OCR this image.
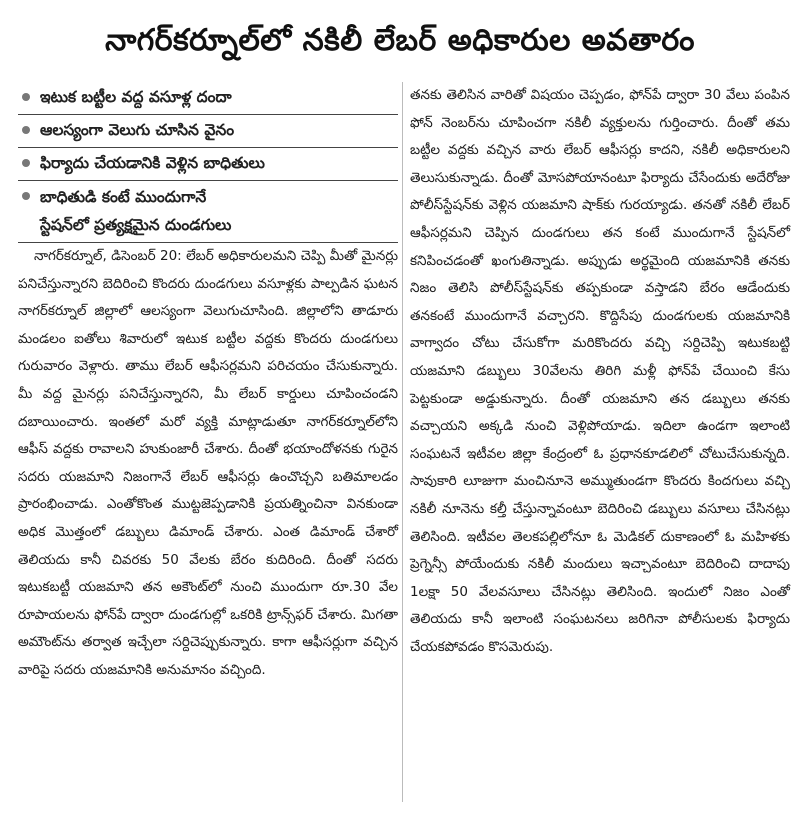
నాగర్‌కర్నూల్‌లో నకిలీ లేబర్ అధికారుల అవతారం
ఇటుక బట్టీల వద్ద వసూళ్ల దందా
ఆలస్యంగా వెలుగు చూసిన వైనం
ఫిర్యాదు చేయడానికి వెళ్లిన బాధితులు
బాధితుడి కంటే ముందుగానే
స్టేషన్‌లో ప్రత్యక్షమైన దుండగులు

నాగర్‌కర్నూల్, డిసెంబర్ 20: లేబర్ అధికారులమని చెప్పి మీతో మైనర్లు పనిచేస్తున్నారని బెదిరించి కొందరు దుండగులు వసూళ్లకు పాల్పడిన ఘటన నాగర్‌కర్నూల్ జిల్లాలో ఆలస్యంగా వెలుగుచూసింది. జిల్లాలోని తాడూరు మండలం ఐతోలు శివారులో ఇటుక బట్టీల వద్దకు కొందరు దుండగులు గురువారం వెళ్లారు. తాము లేబర్ ఆఫీసర్లమని పరిచయం చేసుకున్నారు. మీ వద్ద మైనర్లు పనిచేస్తున్నారని, మీ లేబర్ కార్డులు చూపించండని దబాయించారు. ఇంతలో మరో వ్యక్తి మాట్లాడుతూ నాగర్‌కర్నూల్‌లోని ఆఫీస్ వద్దకు రావాలని హుకుంజారీ చేశారు. దీంతో భయాందోళనకు గురైన సదరు యజమాని నిజంగానే లేబర్ ఆఫీసర్లు ఉంచొచ్చని బతిమాలడం ప్రారంభించాడు. ఎంతోకొంత ముట్టజెప్పడానికి ప్రయత్నించినా వినకుండా అధిక మొత్తంలో డబ్బులు డిమాండ్ చేశారు. ఎంత డిమాండ్ చేశారో తెలియదు కానీ చివరకు 50 వేలకు బేరం కుదిరింది. దీంతో సదరు ఇటుకబట్టీ యజమాని తన అకౌంట్‌లో నుంచి ముందుగా రూ.30 వేల రూపాయలను ఫోన్‌పే ద్వారా దుండగుల్లో ఒకరికి ట్రాన్స్‌ఫర్ చేశారు. మిగతా అమౌంట్‌ను తర్వాత ఇచ్చేలా సర్దిచెప్పుకున్నారు. కాగా ఆఫీసర్లుగా వచ్చిన వారిపై సదరు యజమానికి అనుమానం వచ్చింది.

తనకు తెలిసిన వారితో విషయం చెప్పడం, ఫోన్‌పే ద్వారా 30 వేలు పంపిన ఫోన్ నెంబర్‌ను చూపించగా నకిలీ వ్యక్తులను గుర్తించారు. దీంతో తమ బట్టీల వద్దకు వచ్చిన వారు లేబర్ ఆఫీసర్లు కాదని, నకిలీ అధికారులని తెలుసుకున్నాడు. దీంతో మోసపోయానంటూ ఫిర్యాదు చేసేందుకు అదేరోజు పోలీస్‌స్టేషన్‌కు వెళ్లిన యజమాని షాక్‌కు గురయ్యాడు. తనతో నకిలీ లేబర్ ఆఫీసర్లమని చెప్పిన దుండగులు తన కంటే ముందుగానే స్టేషన్‌లో కనిపించడంతో ఖంగుతిన్నాడు. అప్పుడు అర్థమైంది యజమానికి తనకు నిజం తెలిసి పోలీస్‌స్టేషన్‌కు తప్పకుండా వస్తాడని బేరం ఆడేందుకు తనకంటే ముందుగానే వచ్చారని. కొద్దిసేపు దుండగులకు యజమానికి వాగ్వాదం చోటు చేసుకోగా మరికొందరు వచ్చి సర్దిచెప్పి ఇటుకబట్టి యజమాని డబ్బులు 30వేలను తిరిగి మళ్లీ ఫోన్‌పే చేయించి కేసు పెట్టకుండా అడ్డుకున్నారు. దీంతో యజమాని తన డబ్బులు తనకు వచ్చాయని అక్కడి నుంచి వెళ్లిపోయాడు. ఇదిలా ఉండగా ఇలాంటి సంఘటనే ఇటీవల జిల్లా కేంద్రంలో ఓ ప్రధానకూడలిలో చోటుచేసుకున్నది. సావుకారి లూజుగా మంచినూనె అమ్ముతుండగా కొందరు కిందగులు వచ్చి నకిలీ నూనెను కల్తీ చేస్తున్నావంటూ బెదిరించి డబ్బులు వసూలు చేసినట్లు తెలిసింది. ఇటీవల తెలకపల్లిలోనూ ఓ మెడికల్ దుకాణంలో ఓ మహిళకు ప్రెగ్నెన్సీ పోయేందుకు నకిలీ మందులు ఇచ్చావంటూ బెదిరించి దాదాపు 1లక్షా 50 వేలవసూలు చేసినట్లు తెలిసింది. ఇందులో నిజం ఎంతో తెలియదు కానీ ఇలాంటి సంఘటనలు జరిగినా పోలీసులకు ఫిర్యాదు చేయకపోవడం కొసమెరుపు.
